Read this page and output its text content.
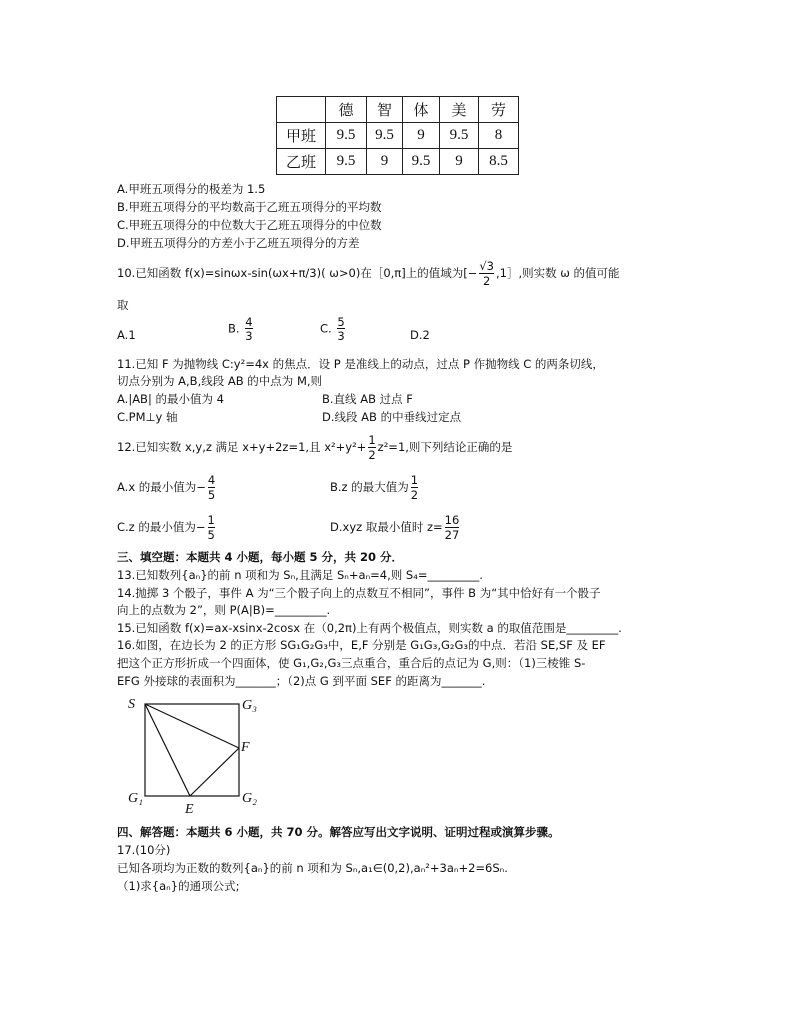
	德	智	体	美	劳
甲班	9.5	9.5	9	9.5	8
乙班	9.5	9	9.5	9	8.5
A.甲班五项得分的极差为 1.5
B.甲班五项得分的平均数高于乙班五项得分的平均数
C.甲班五项得分的中位数大于乙班五项得分的中位数
D.甲班五项得分的方差小于乙班五项得分的方差
10.已知函数 f(x)=sinωx-sin(ωx+π/3)( ω>0)在［0,π]上的值域为[− $\frac{√3}{2}$ ,1］,则实数 ω 的值可能
取
A.1	B. $\frac{4}{3}$	C. $\frac{5}{3}$	D.2
11.已知 F 为抛物线 C:y²=4x 的焦点．设 P 是准线上的动点，过点 P 作抛物线 C 的两条切线，
切点分别为 A,B,线段 AB 的中点为 M,则
A.|AB| 的最小值为 4	B.直线 AB 过点 F
C.PM⊥y 轴	D.线段 AB 的中垂线过定点
12.已知实数 x,y,z 满足 x+y+2z=1,且 $x^2+y^2+ \frac{1}{2} z^2=1$,则下列结论正确的是
A.x 的最小值为− $\frac{4}{5}$	B.z 的最大值为 $\frac{1}{2}$
C.z 的最小值为− $\frac{1}{5}$	D.xyz 取最小值时 $z= \frac{16}{27}$
三、填空题：本题共 4 小题，每小题 5 分，共 20 分．
13.已知数列{aₙ}的前 n 项和为 Sₙ,且满足 Sₙ+aₙ=4,则 S₄=_________.
14.抛掷 3 个骰子，事件 A 为“三个骰子向上的点数互不相同”，事件 B 为“其中恰好有一个骰子
向上的点数为 2”，则 P(A|B)=_________.
15.已知函数 f(x)=ax-xsinx-2cosx 在（0,2π)上有两个极值点，则实数 a 的取值范围是_________.
16.如图，在边长为 2 的正方形 SG₁G₂G₃中，E,F 分别是 G₁G₃,G₂G₃的中点．若沿 SE,SF 及 EF
把这个正方形折成一个四面体，使 G₁,G₂,G₃三点重合，重合后的点记为 G,则：（1)三棱锥 S-
EFG 外接球的表面积为_______；（2)点 G 到平面 SEF 的距离为_______.
S	G₃
F
G₁
E
G₂
四、解答题：本题共 6 小题，共 70 分。解答应写出文字说明、证明过程或演算步骤。
17.(10分)
已知各项均为正数的数列{aₙ}的前 n 项和为 Sₙ,a₁∈(0,2),aₙ²+3aₙ+2=6Sₙ.
（1)求{aₙ}的通项公式;
